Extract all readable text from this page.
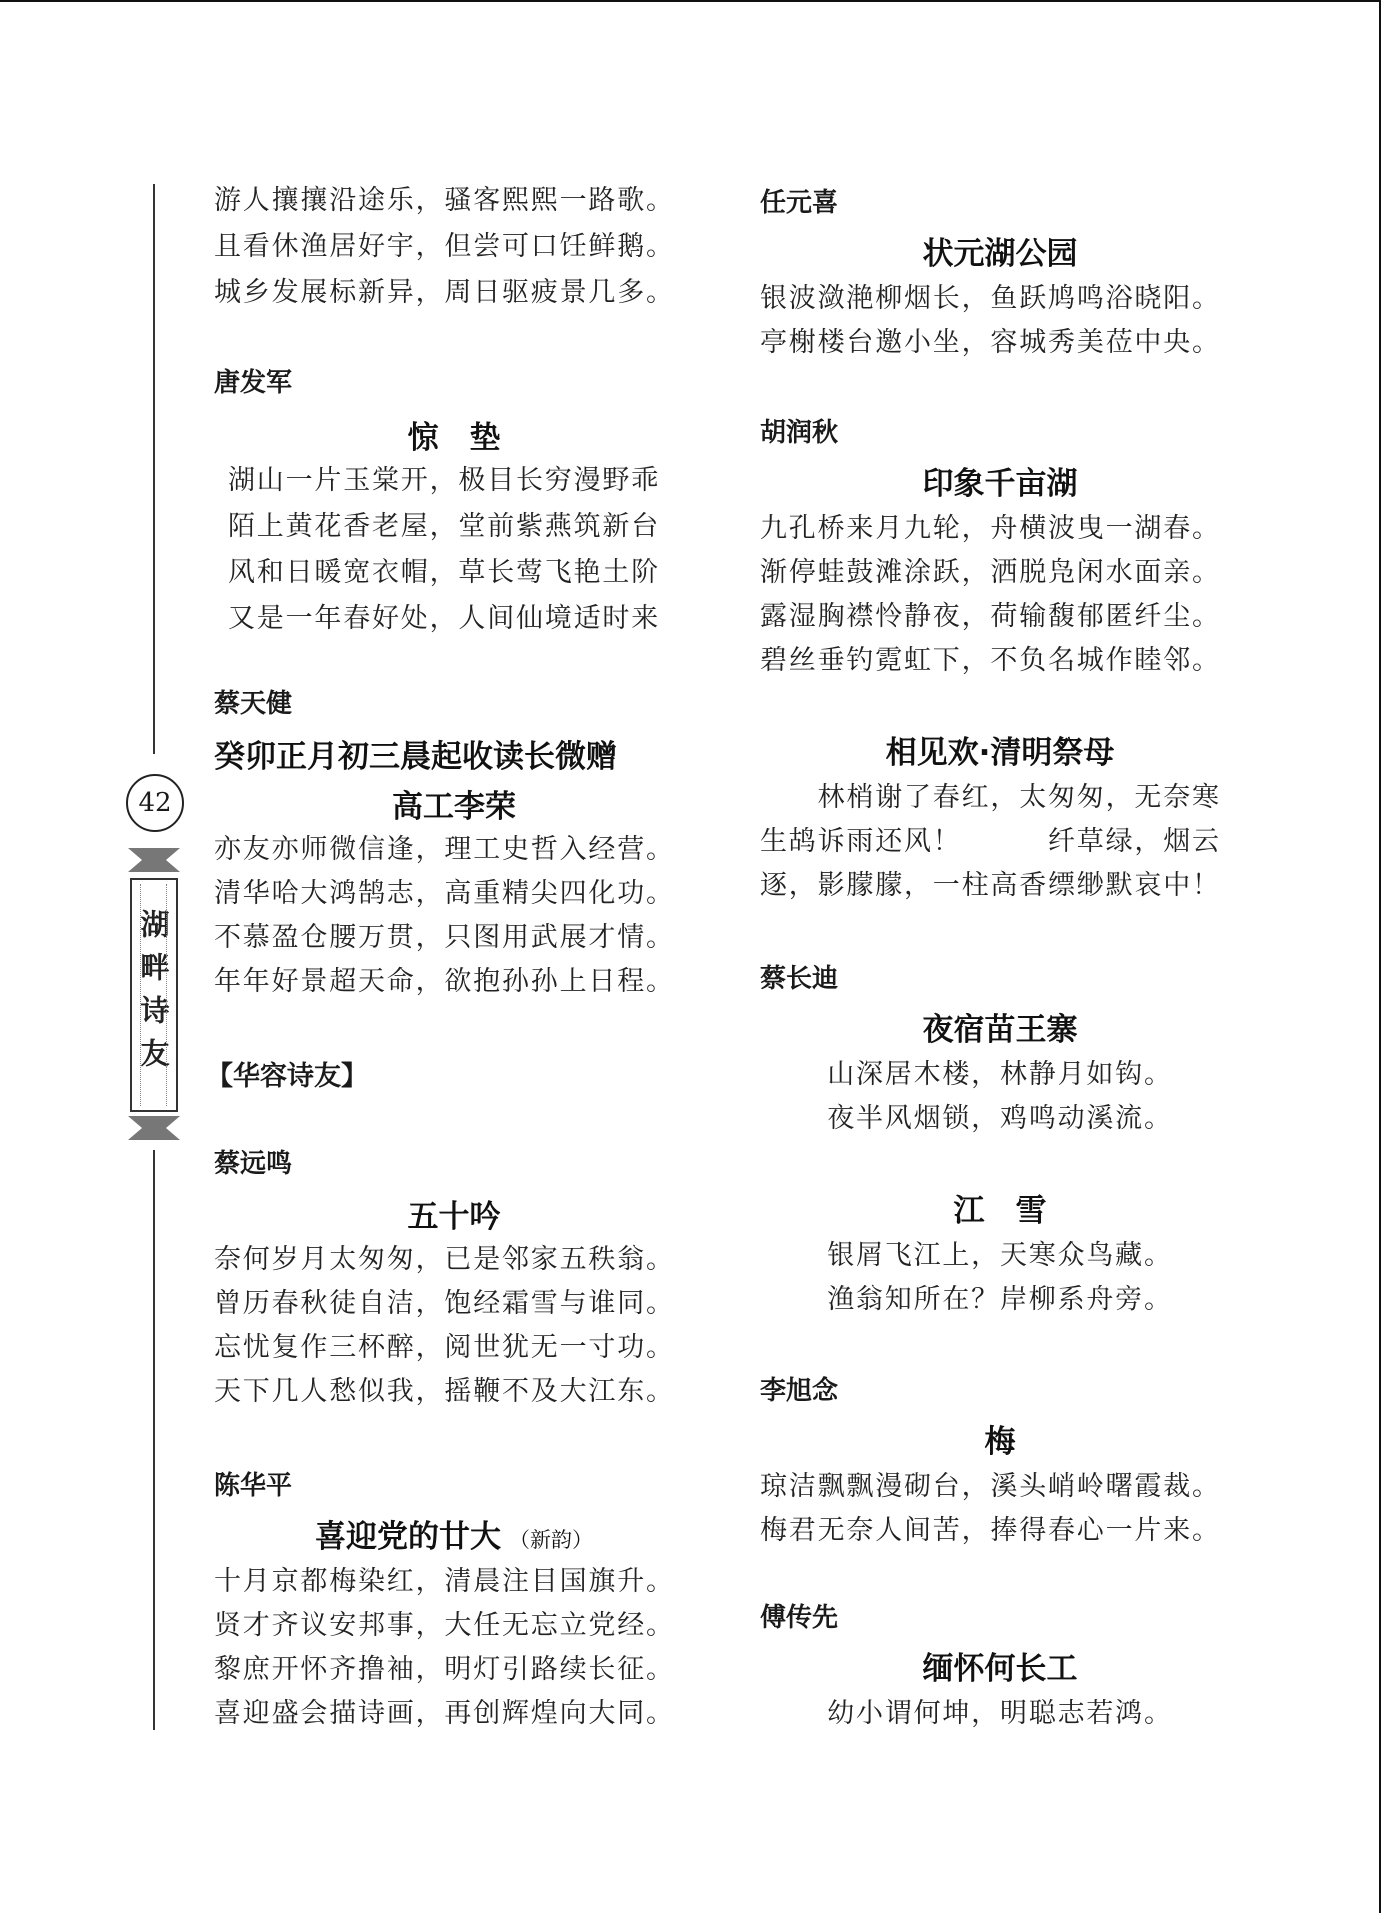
42
湖畔诗友
游人攘攘沿途乐，骚客熙熙一路歌。
且看休渔居好宇，但尝可口饪鲜鹅。
城乡发展标新异，周日驱疲景几多。
唐发军
惊　垫
湖山一片玉棠开，极目长穷漫野乖
陌上黄花香老屋，堂前紫燕筑新台
风和日暖宽衣帽，草长莺飞艳土阶
又是一年春好处，人间仙境适时来
蔡天健
癸卯正月初三晨起收读长微赠
高工李荣
亦友亦师微信逢，理工史哲入经营。
清华哈大鸿鹄志，高重精尖四化功。
不慕盈仓腰万贯，只图用武展才情。
年年好景超天命，欲抱孙孙上日程。
【华容诗友】
蔡远鸣
五十吟
奈何岁月太匆匆，已是邻家五秩翁。
曾历春秋徒自洁，饱经霜雪与谁同。
忘忧复作三杯醉，阅世犹无一寸功。
天下几人愁似我，摇鞭不及大江东。
陈华平
喜迎党的廿大 （新韵）
十月京都梅染红，清晨注目国旗升。
贤才齐议安邦事，大任无忘立党经。
黎庶开怀齐撸袖，明灯引路续长征。
喜迎盛会描诗画，再创辉煌向大同。
任元喜
状元湖公园
银波潋滟柳烟长，鱼跃鸠鸣浴晓阳。
亭榭楼台邀小坐，容城秀美莅中央。
胡润秋
印象千亩湖
九孔桥来月九轮，舟横波曳一湖春。
渐停蛙鼓滩涂跃，洒脱凫闲水面亲。
露湿胸襟怜静夜，荷输馥郁匿纤尘。
碧丝垂钓霓虹下，不负名城作睦邻。
相见欢·清明祭母
　　林梢谢了春红，太匆匆，无奈寒
生鸪诉雨还风！　　　纤草绿，烟云
逐，影朦朦，一柱高香缥缈默哀中！
蔡长迪
夜宿苗王寨
山深居木楼，林静月如钩。
夜半风烟锁，鸡鸣动溪流。
江　雪
银屑飞江上，天寒众鸟藏。
渔翁知所在？岸柳系舟旁。
李旭念
梅
琼洁飘飘漫砌台，溪头峭岭曙霞裁。
梅君无奈人间苦，捧得春心一片来。
傅传先
缅怀何长工
幼小谓何坤，明聪志若鸿。
